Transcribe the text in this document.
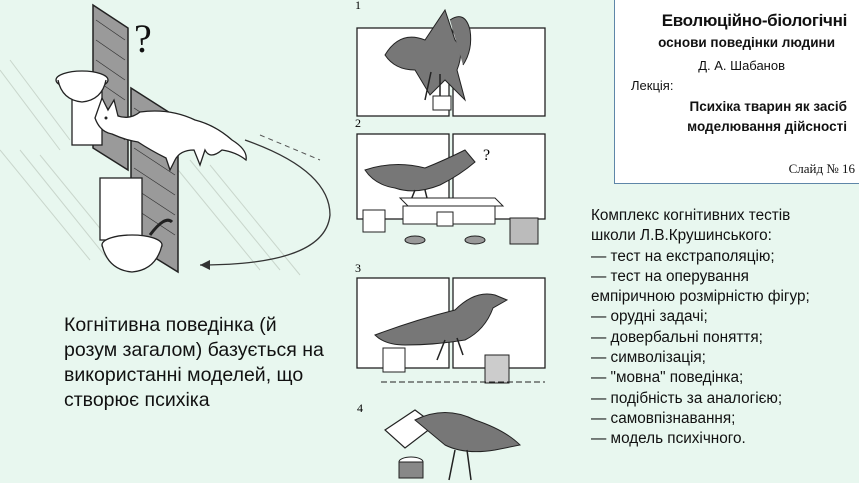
?
?
1
2
3
4
Еволюційно-біологічні
основи поведінки людини
Д. А. Шабанов
Лекція:
Психіка тварин як засіб моделювання дійсності
Слайд № 16
Когнітивна поведінка (й розум загалом) базується на використанні моделей, що створює психіка
Комплекс когнітивних тестів
школи Л.В.Крушинського:
— тест на екстраполяцію;
— тест на оперування
емпіричною розмірністю фігур;
— орудні задачі;
— довербальні поняття;
— символізація;
— "мовна" поведінка;
— подібність за аналогією;
— самовпізнавання;
— модель психічного.
